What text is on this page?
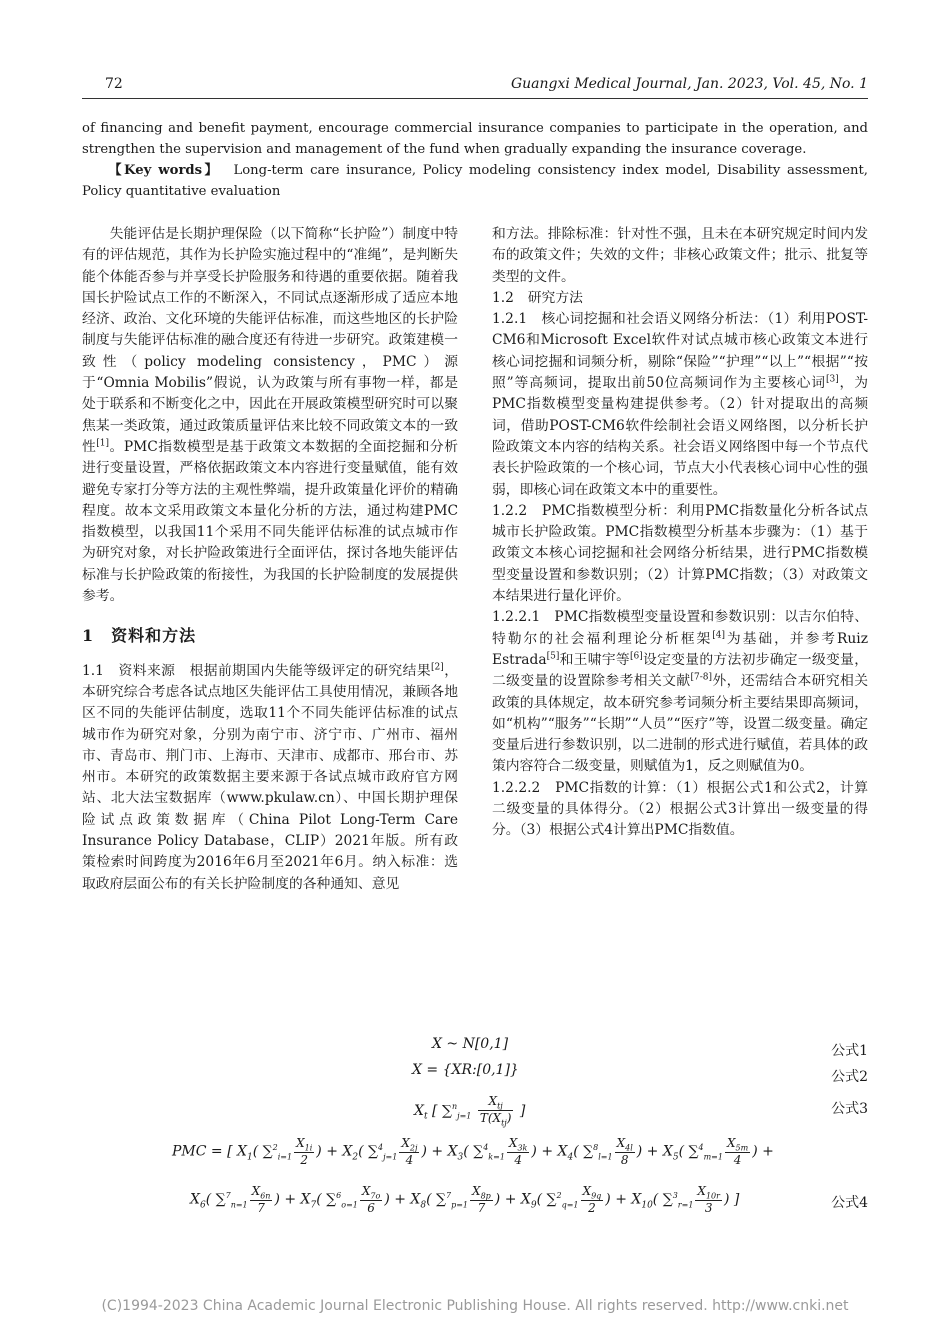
72	Guangxi Medical Journal, Jan. 2023, Vol. 45, No. 1

of financing and benefit payment, encourage commercial insurance companies to participate in the operation, and strengthen the supervision and management of the fund when gradually expanding the insurance coverage.

【Key words】 Long-term care insurance, Policy modeling consistency index model, Disability assessment, Policy quantitative evaluation

失能评估是长期护理保险（以下简称“长护险”）制度中特有的评估规范，其作为长护险实施过程中的“准绳”，是判断失能个体能否参与并享受长护险服务和待遇的重要依据。随着我国长护险试点工作的不断深入，不同试点逐渐形成了适应本地经济、政治、文化环境的失能评估标准，而这些地区的长护险制度与失能评估标准的融合度还有待进一步研究。政策建模一致性（policy modeling consistency，PMC）源于“Omnia Mobilis”假说，认为政策与所有事物一样，都是处于联系和不断变化之中，因此在开展政策模型研究时可以聚焦某一类政策，通过政策质量评估来比较不同政策文本的一致性[1]。PMC指数模型是基于政策文本数据的全面挖掘和分析进行变量设置，严格依据政策文本内容进行变量赋值，能有效避免专家打分等方法的主观性弊端，提升政策量化评价的精确程度。故本文采用政策文本量化分析的方法，通过构建PMC指数模型，以我国11个采用不同失能评估标准的试点城市作为研究对象，对长护险政策进行全面评估，探讨各地失能评估标准与长护险政策的衔接性，为我国的长护险制度的发展提供参考。

1　资料和方法

1.1　资料来源　根据前期国内失能等级评定的研究结果[2]，本研究综合考虑各试点地区失能评估工具使用情况，兼顾各地区不同的失能评估制度，选取11个不同失能评估标准的试点城市作为研究对象，分别为南宁市、济宁市、广州市、福州市、青岛市、荆门市、上海市、天津市、成都市、邢台市、苏州市。本研究的政策数据主要来源于各试点城市政府官方网站、北大法宝数据库（www.pkulaw.cn）、中国长期护理保险试点政策数据库（China Pilot Long-Term Care Insurance Policy Database，CLIP）2021年版。所有政策检索时间跨度为2016年6月至2021年6月。纳入标准：选取政府层面公布的有关长护险制度的各种通知、意见

和方法。排除标准：针对性不强，且未在本研究规定时间内发布的政策文件；失效的文件；非核心政策文件；批示、批复等类型的文件。

1.2　研究方法

1.2.1　核心词挖掘和社会语义网络分析法：（1）利用POST-CM6和Microsoft Excel软件对试点城市核心政策文本进行核心词挖掘和词频分析，剔除“保险”“护理”“以上”“根据”“按照”等高频词，提取出前50位高频词作为主要核心词[3]，为PMC指数模型变量构建提供参考。（2）针对提取出的高频词，借助POST-CM6软件绘制社会语义网络图，以分析长护险政策文本内容的结构关系。社会语义网络图中每一个节点代表长护险政策的一个核心词，节点大小代表核心词中心性的强弱，即核心词在政策文本中的重要性。

1.2.2　PMC指数模型分析：利用PMC指数量化分析各试点城市长护险政策。PMC指数模型分析基本步骤为：（1）基于政策文本核心词挖掘和社会网络分析结果，进行PMC指数模型变量设置和参数识别；（2）计算PMC指数；（3）对政策文本结果进行量化评价。

1.2.2.1　PMC指数模型变量设置和参数识别：以吉尔伯特、特勒尔的社会福利理论分析框架[4]为基础，并参考Ruiz Estrada[5]和王啸宇等[6]设定变量的方法初步确定一级变量，二级变量的设置除参考相关文献[7-8]外，还需结合本研究相关政策的具体规定，故本研究参考词频分析主要结果即高频词，如“机构”“服务”“长期”“人员”“医疗”等，设置二级变量。确定变量后进行参数识别，以二进制的形式进行赋值，若具体的政策内容符合二级变量，则赋值为1，反之则赋值为0。

1.2.2.2　PMC指数的计算：（1）根据公式1和公式2，计算二级变量的具体得分。（2）根据公式3计算出一级变量的得分。（3）根据公式4计算出PMC指数值。

X ~ N[0,1]	公式1
X = {XR:[0,1]}	公式2
$X_t$ [ $\sum^n_{j=1} \frac{X_{tj}}{T(X_{tj})}$ ]	公式3
PMC = [ $X_1$( $\sum^2_{i=1} \frac{X_{1i}}{2}$ ) + $X_2$( $\sum^4_{j=1} \frac{X_{2j}}{4}$ ) + $X_3$( $\sum^4_{k=1} \frac{X_{3k}}{4}$ ) + $X_4$( $\sum^8_{l=1} \frac{X_{4l}}{8}$ ) + $X_5$( $\sum^4_{m=1} \frac{X_{5m}}{4}$ ) +
$X_6$( $\sum^7_{n=1} \frac{X_{6n}}{7}$ ) + $X_7$( $\sum^6_{o=1} \frac{X_{7o}}{6}$ ) + $X_8$( $\sum^7_{p=1} \frac{X_{8p}}{7}$ ) + $X_9$( $\sum^2_{q=1} \frac{X_{9q}}{2}$ ) + $X_{10}$( $\sum^3_{r=1} \frac{X_{10r}}{3}$ ) ]	公式4
(C)1994-2023 China Academic Journal Electronic Publishing House. All rights reserved. http://www.cnki.net
